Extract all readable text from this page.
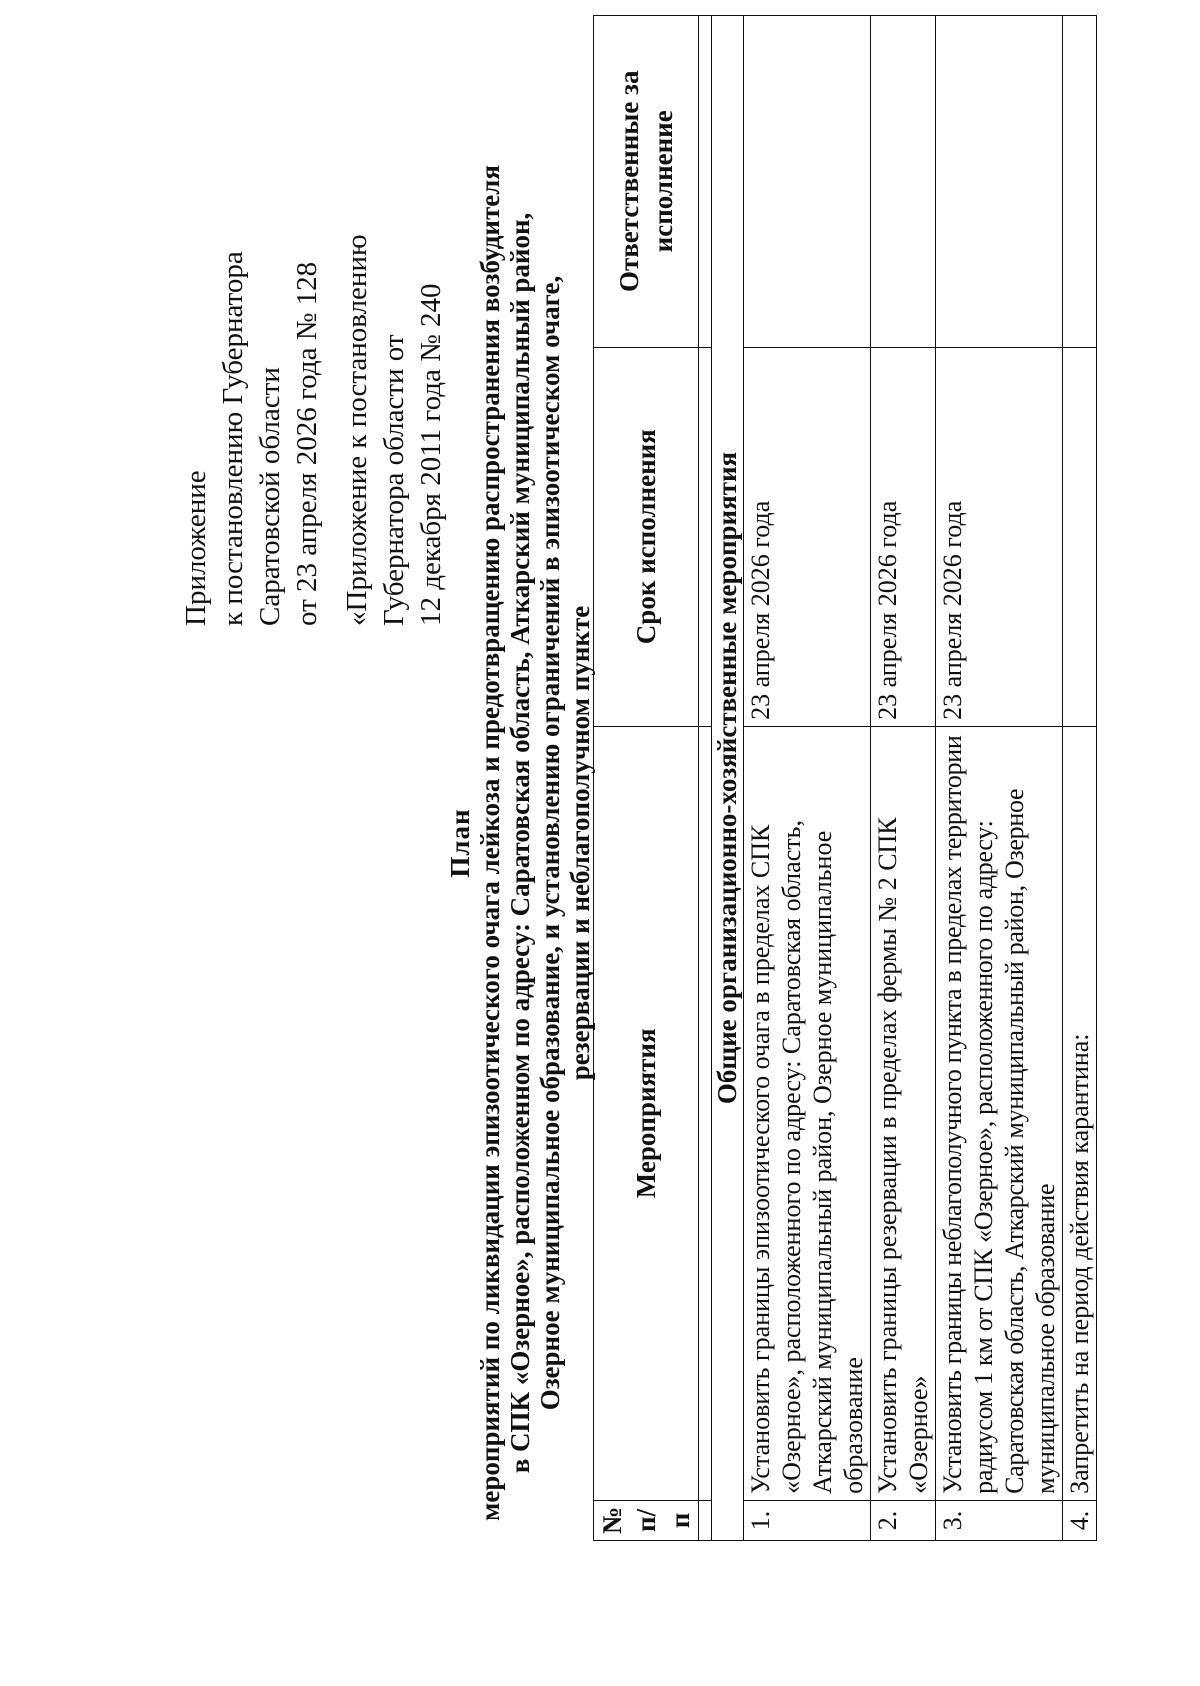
Приложение к постановлению Губернатора Саратовской области от 23 апреля 2026 года № 128 «Приложение к постановлению Губернатора области от 12 декабря 2011 года № 240
План мероприятий по ликвидации эпизоотического очага лейкоза и предотвращению распространения возбудителя в СПК «Озерное», расположенном по адресу: Саратовская область, Аткарский муниципальный район, Озерное муниципальное образование, и установлению ограничений в эпизоотическом очаге, резервации и неблагополучном пункте
№ п/п	Мероприятия	Срок исполнения	Ответственные за исполнение

Общие организационно-хозяйственные мероприятия			
1.	Установить границы эпизоотического очага в пределах СПК «Озерное», расположенного по адресу: Саратовская область, Аткарский муниципальный район, Озерное муниципальное образование	23 апреля 2026 года	
2.	Установить границы резервации в пределах фермы № 2 СПК «Озерное»	23 апреля 2026 года	
3.	Установить границы неблагополучного пункта в пределах территории радиусом 1 км от СПК «Озерное», расположенного по адресу: Саратовская область, Аткарский муниципальный район, Озерное муниципальное образование	23 апреля 2026 года	
4.	Запретить на период действия карантина:		
